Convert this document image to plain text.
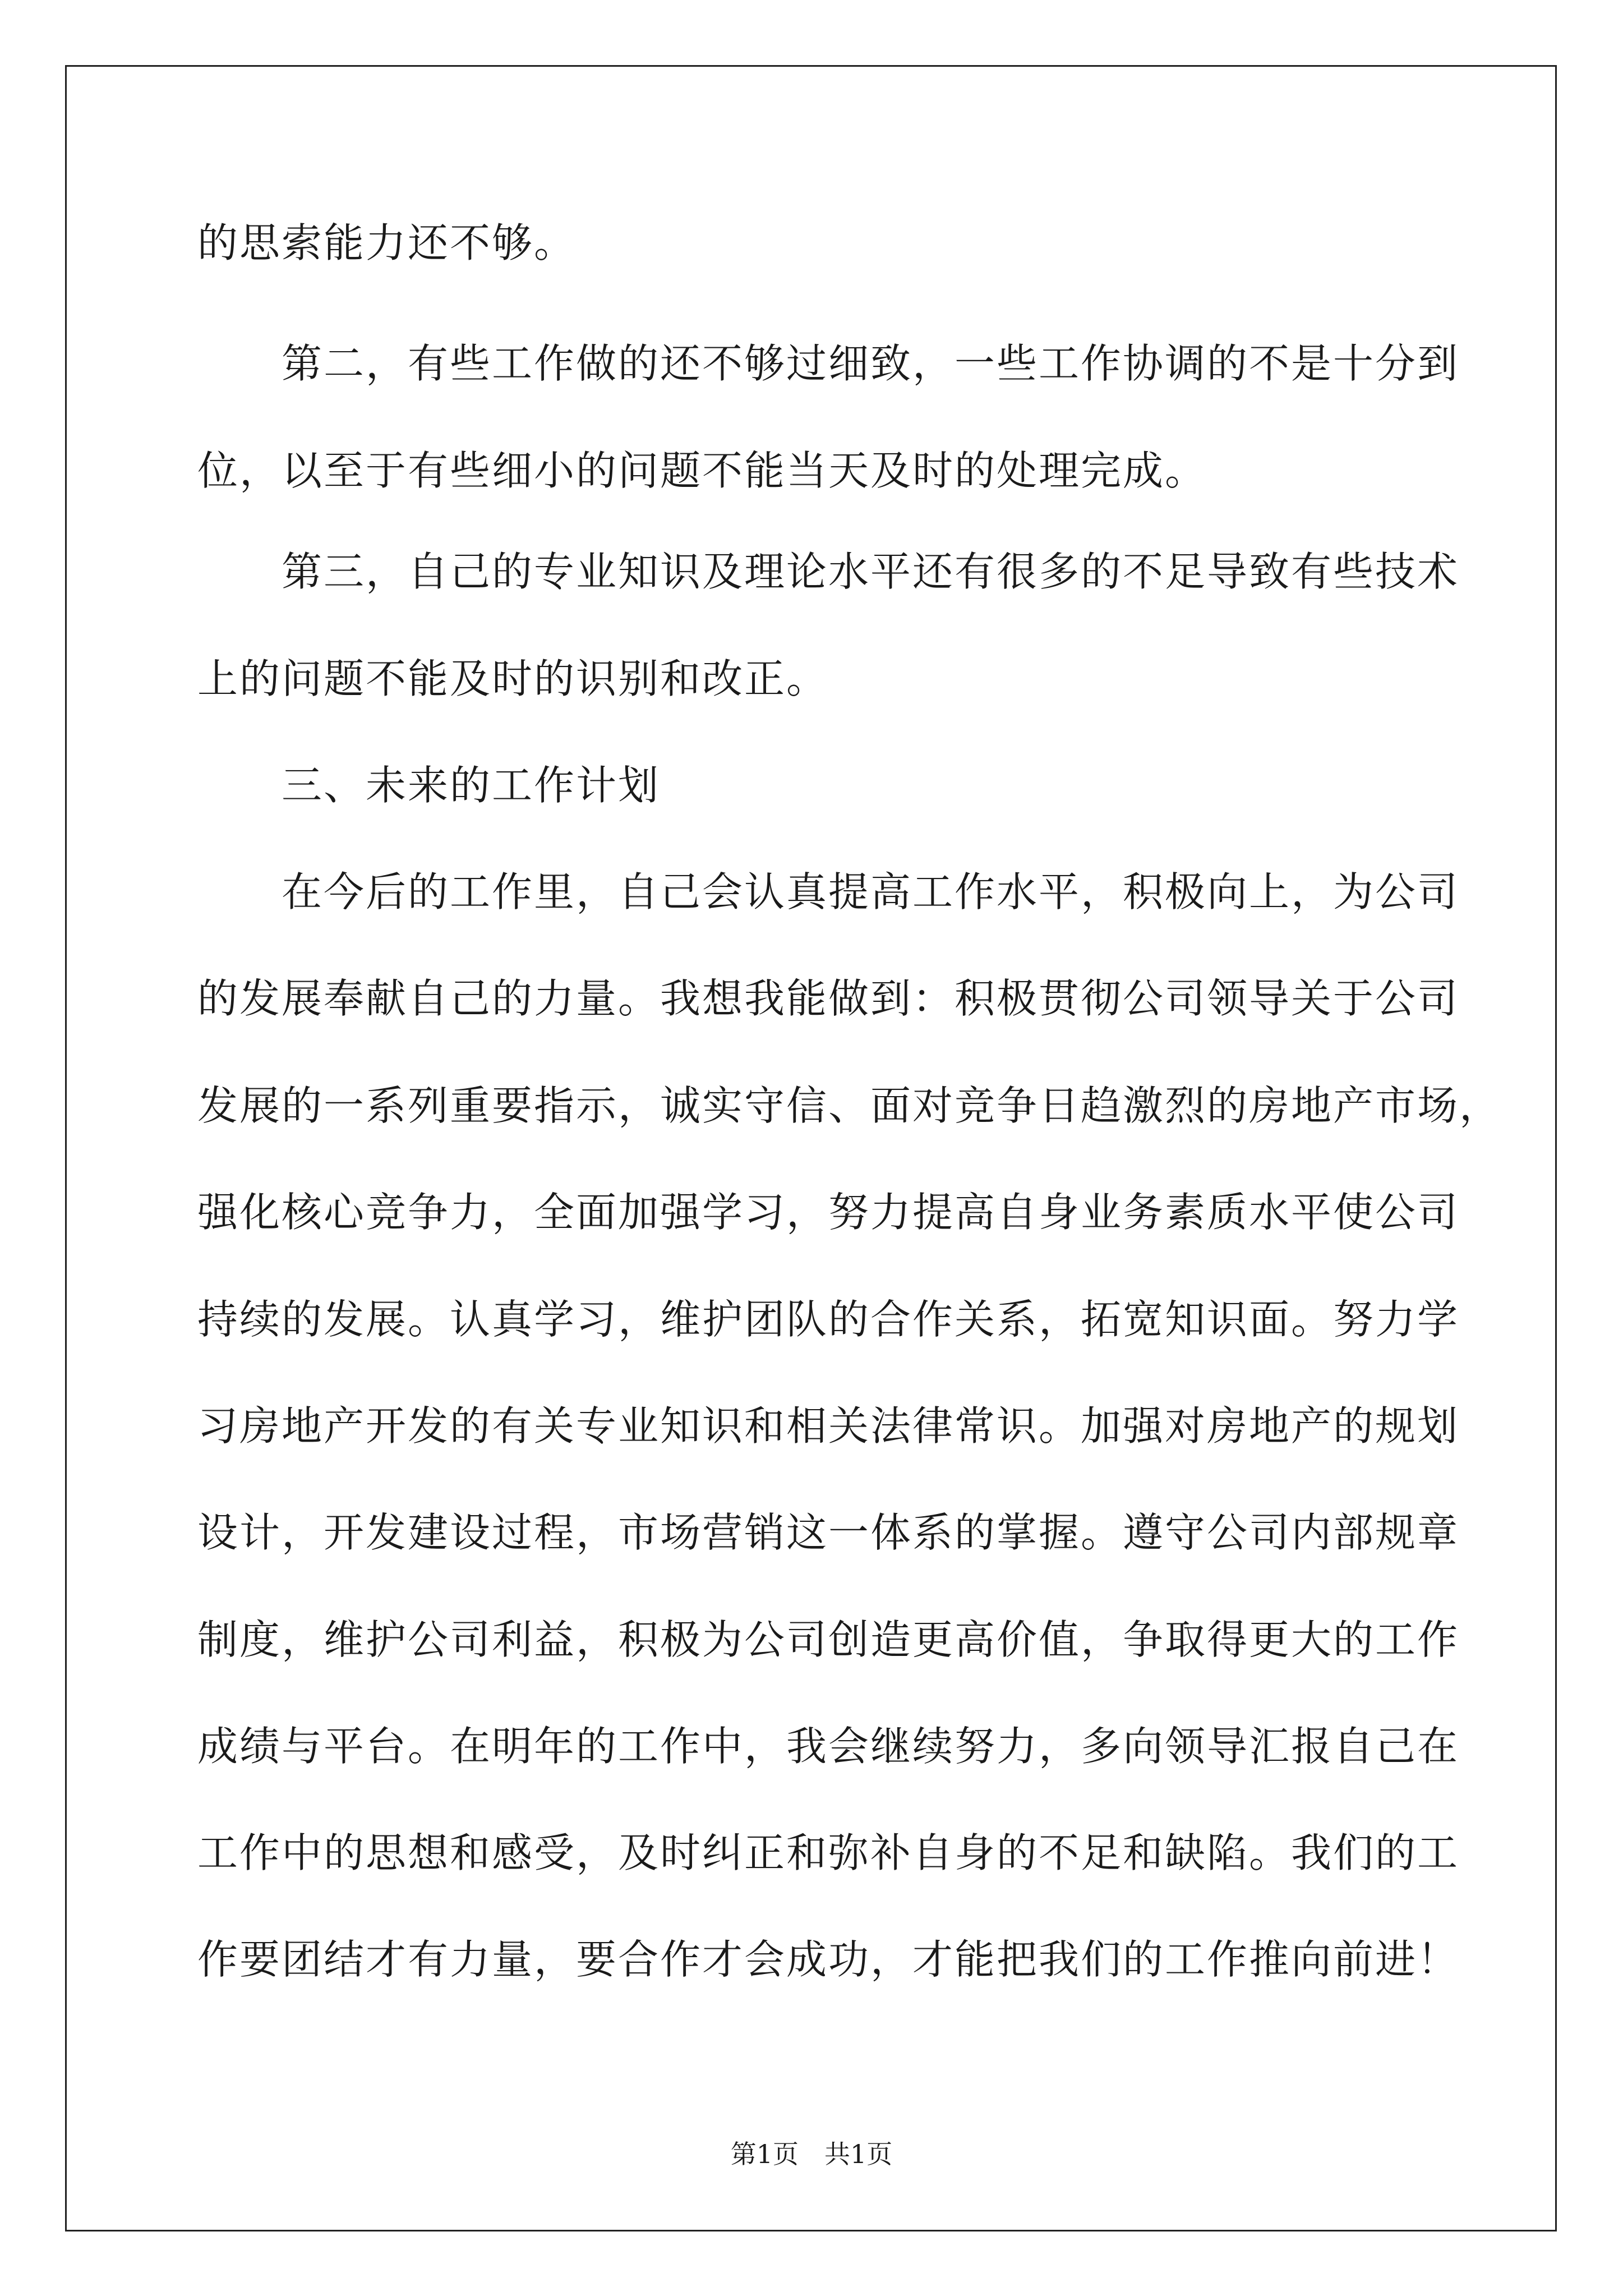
的思索能力还不够。
第二，有些工作做的还不够过细致，一些工作协调的不是十分到
位，以至于有些细小的问题不能当天及时的处理完成。
第三，自己的专业知识及理论水平还有很多的不足导致有些技术
上的问题不能及时的识别和改正。
三、未来的工作计划
在今后的工作里，自己会认真提高工作水平，积极向上，为公司
的发展奉献自己的力量。我想我能做到：积极贯彻公司领导关于公司
发展的一系列重要指示，诚实守信、面对竞争日趋激烈的房地产市场，
强化核心竞争力，全面加强学习，努力提高自身业务素质水平使公司
持续的发展。认真学习，维护团队的合作关系，拓宽知识面。努力学
习房地产开发的有关专业知识和相关法律常识。加强对房地产的规划
设计，开发建设过程，市场营销这一体系的掌握。遵守公司内部规章
制度，维护公司利益，积极为公司创造更高价值，争取得更大的工作
成绩与平台。在明年的工作中，我会继续努力，多向领导汇报自己在
工作中的思想和感受，及时纠正和弥补自身的不足和缺陷。我们的工
作要团结才有力量，要合作才会成功，才能把我们的工作推向前进！
第1页 共1页
